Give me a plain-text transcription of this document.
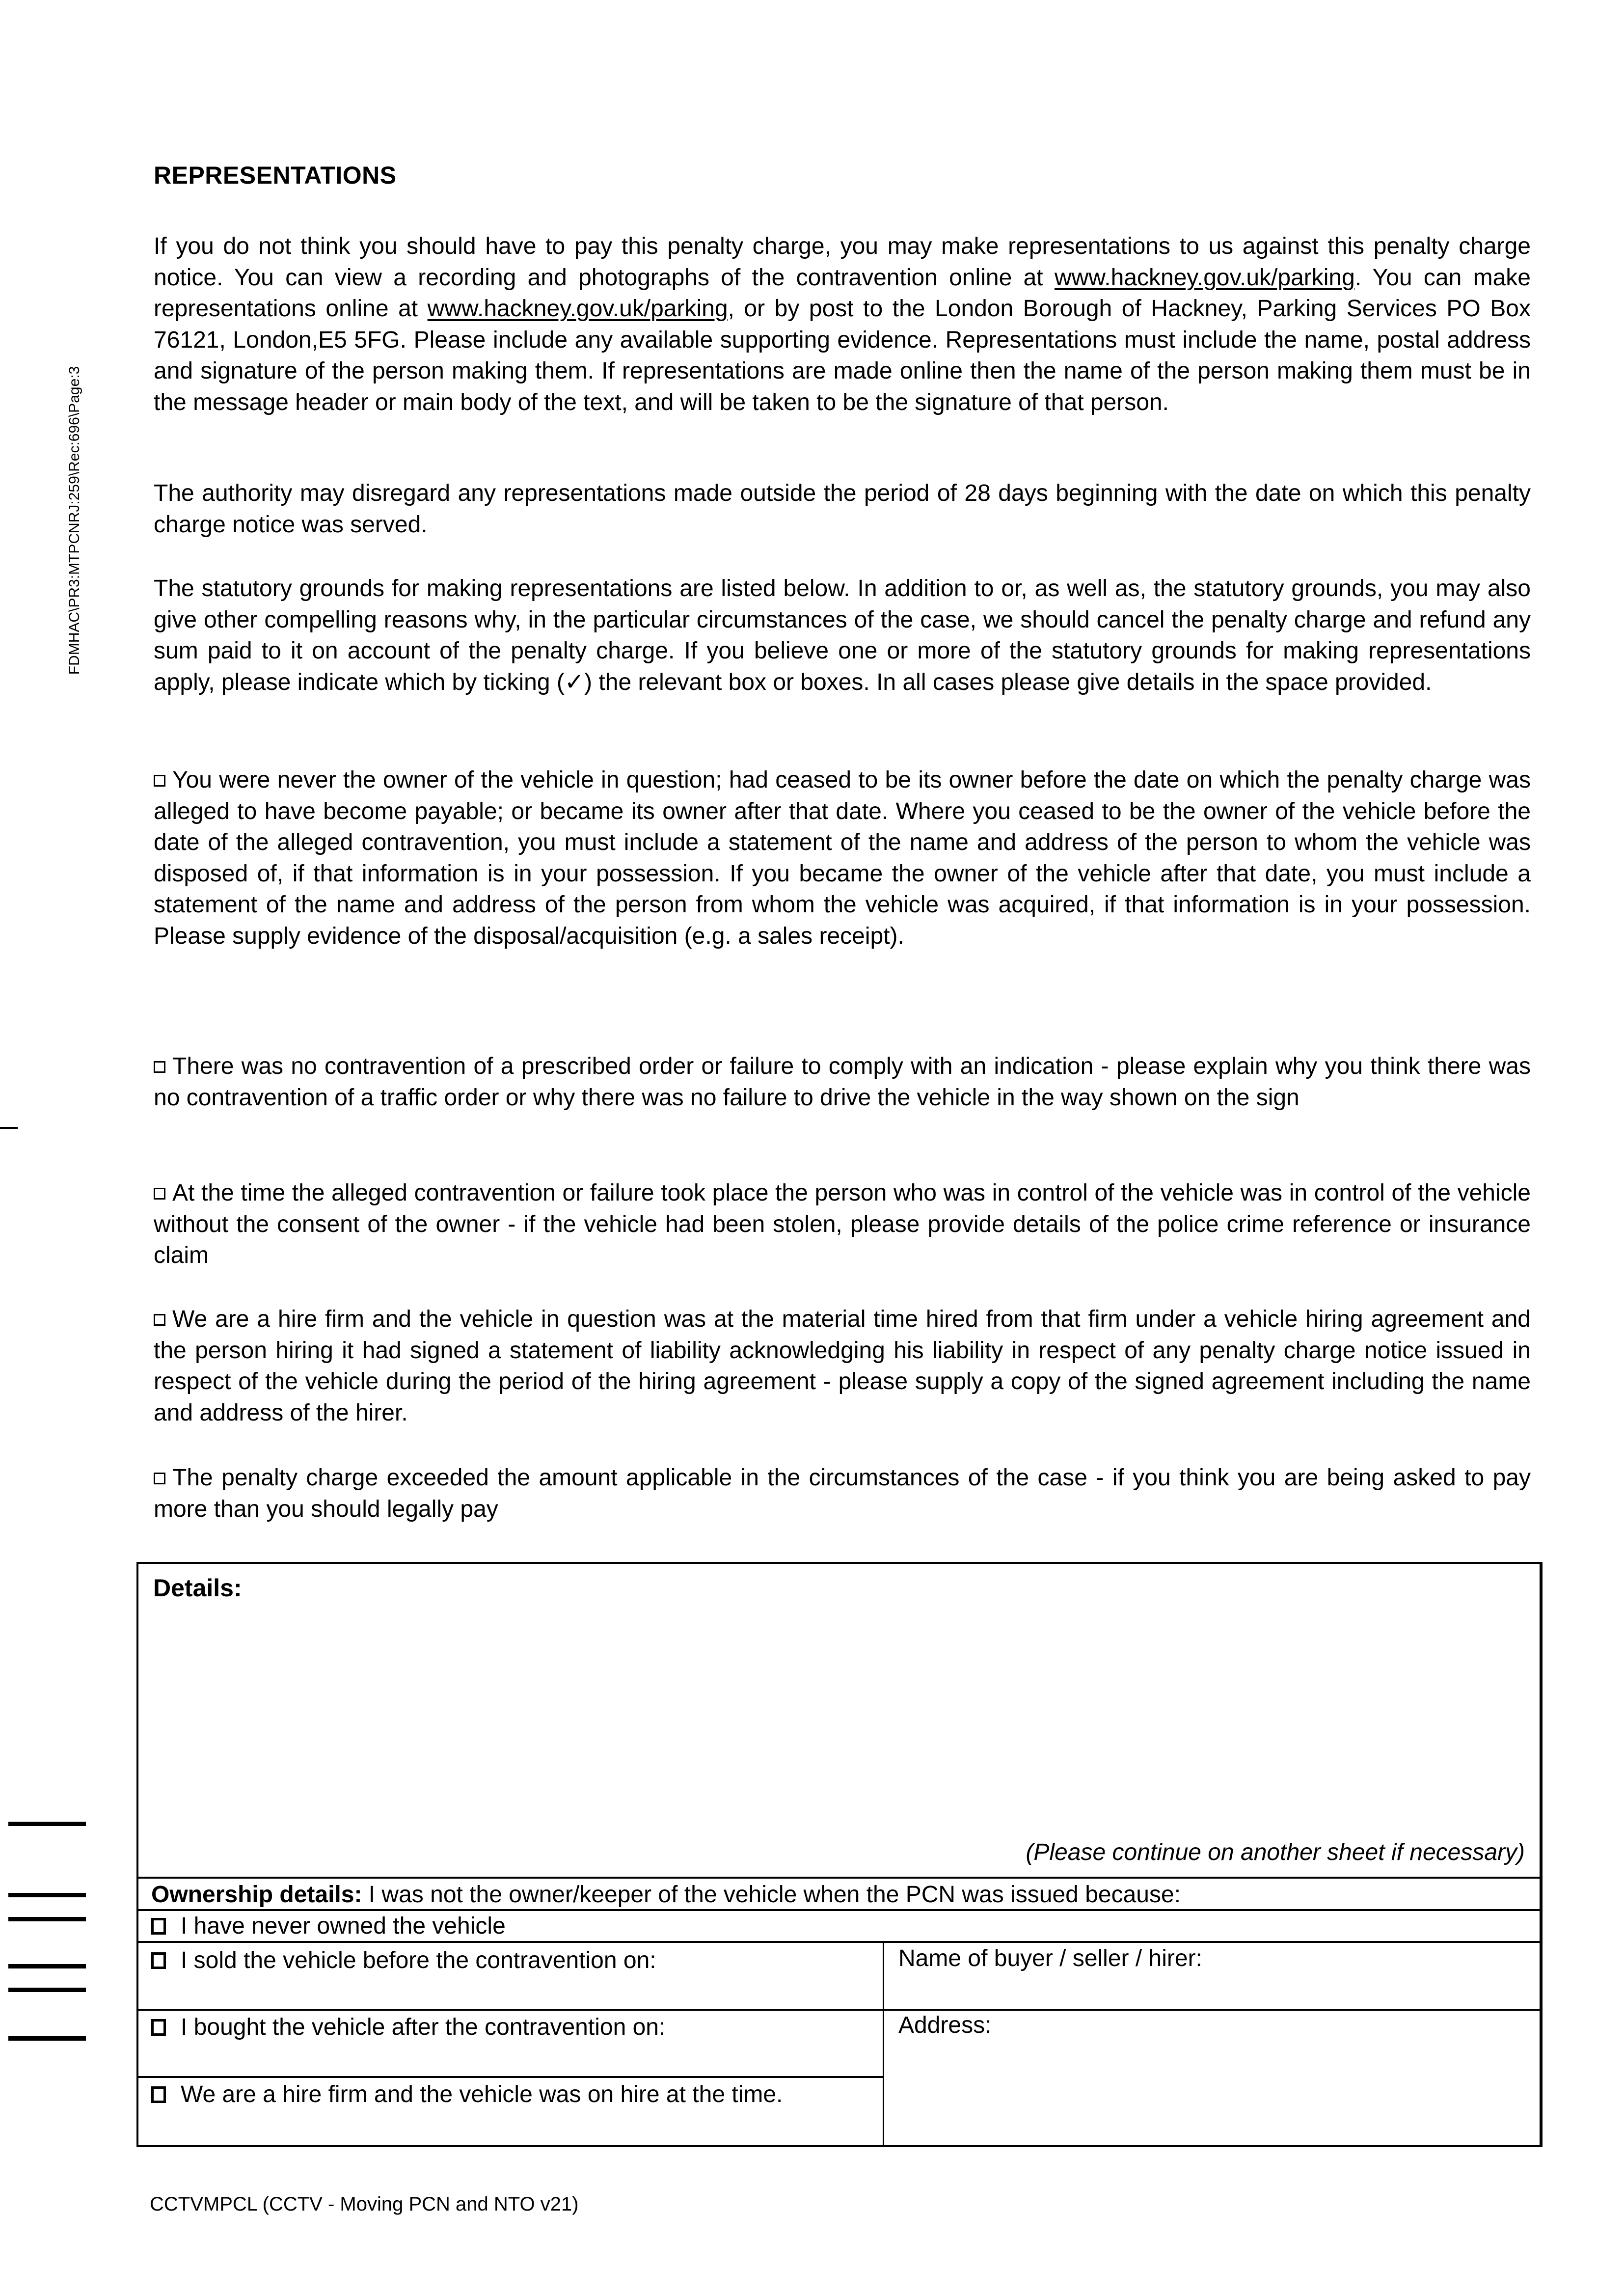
FDMHAC\PR3:MTPCNRJ:259\Rec:696\Page:3
REPRESENTATIONS
If you do not think you should have to pay this penalty charge, you may make representations to us against this penalty charge notice. You can view a recording and photographs of the contravention online at www.hackney.gov.uk/parking. You can make representations online at www.hackney.gov.uk/parking, or by post to the London Borough of Hackney, Parking Services PO Box 76121, London,E5 5FG. Please include any available supporting evidence. Representations must include the name, postal address and signature of the person making them. If representations are made online then the name of the person making them must be in the message header or main body of the text, and will be taken to be the signature of that person.
The authority may disregard any representations made outside the period of 28 days beginning with the date on which this penalty charge notice was served.
The statutory grounds for making representations are listed below. In addition to or, as well as, the statutory grounds, you may also give other compelling reasons why, in the particular circumstances of the case, we should cancel the penalty charge and refund any sum paid to it on account of the penalty charge. If you believe one or more of the statutory grounds for making representations apply, please indicate which by ticking (✓) the relevant box or boxes. In all cases please give details in the space provided.
You were never the owner of the vehicle in question; had ceased to be its owner before the date on which the penalty charge was alleged to have become payable; or became its owner after that date. Where you ceased to be the owner of the vehicle before the date of the alleged contravention, you must include a statement of the name and address of the person to whom the vehicle was disposed of, if that information is in your possession. If you became the owner of the vehicle after that date, you must include a statement of the name and address of the person from whom the vehicle was acquired, if that information is in your possession. Please supply evidence of the disposal/acquisition (e.g. a sales receipt).
There was no contravention of a prescribed order or failure to comply with an indication - please explain why you think there was no contravention of a traffic order or why there was no failure to drive the vehicle in the way shown on the sign
At the time the alleged contravention or failure took place the person who was in control of the vehicle was in control of the vehicle without the consent of the owner - if the vehicle had been stolen, please provide details of the police crime reference or insurance claim
We are a hire firm and the vehicle in question was at the material time hired from that firm under a vehicle hiring agreement and the person hiring it had signed a statement of liability acknowledging his liability in respect of any penalty charge notice issued in respect of the vehicle during the period of the hiring agreement - please supply a copy of the signed agreement including the name and address of the hirer.
The penalty charge exceeded the amount applicable in the circumstances of the case - if you think you are being asked to pay more than you should legally pay
Details:
(Please continue on another sheet if necessary)
Ownership details: I was not the owner/keeper of the vehicle when the PCN was issued because:
I have never owned the vehicle
I sold the vehicle before the contravention on:
I bought the vehicle after the contravention on:
We are a hire firm and the vehicle was on hire at the time.
Name of buyer / seller / hirer:
Address:
CCTVMPCL (CCTV - Moving PCN and NTO v21)
